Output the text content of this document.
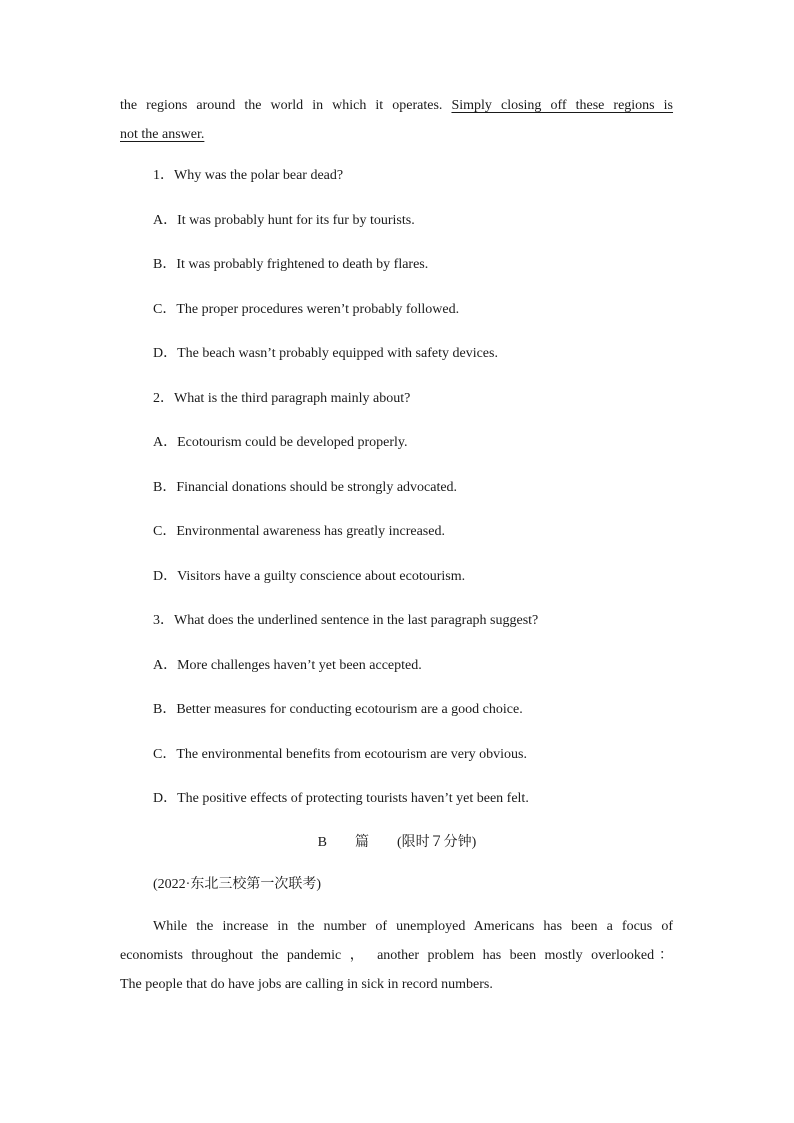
the regions around the world in which it operates. Simply closing off these regions is
not the answer.
1．Why was the polar bear dead?
A．It was probably hunt for its fur by tourists.
B．It was probably frightened to death by flares.
C．The proper procedures weren’t probably followed.
D．The beach wasn’t probably equipped with safety devices.
2．What is the third paragraph mainly about?
A．Ecotourism could be developed properly.
B．Financial donations should be strongly advocated.
C．Environmental awareness has greatly increased.
D．Visitors have a guilty conscience about ecotourism.
3．What does the underlined sentence in the last paragraph suggest?
A．More challenges haven’t yet been accepted.
B．Better measures for conducting ecotourism are a good choice.
C．The environmental benefits from ecotourism are very obvious.
D．The positive effects of protecting tourists haven’t yet been felt.
B　　篇　　(限时７分钟)
(2022·东北三校第一次联考)
While the increase in the number of unemployed Americans has been a focus of
economists throughout the pandemic ， another problem has been mostly overlooked：
The people that do have jobs are calling in sick in record numbers.
